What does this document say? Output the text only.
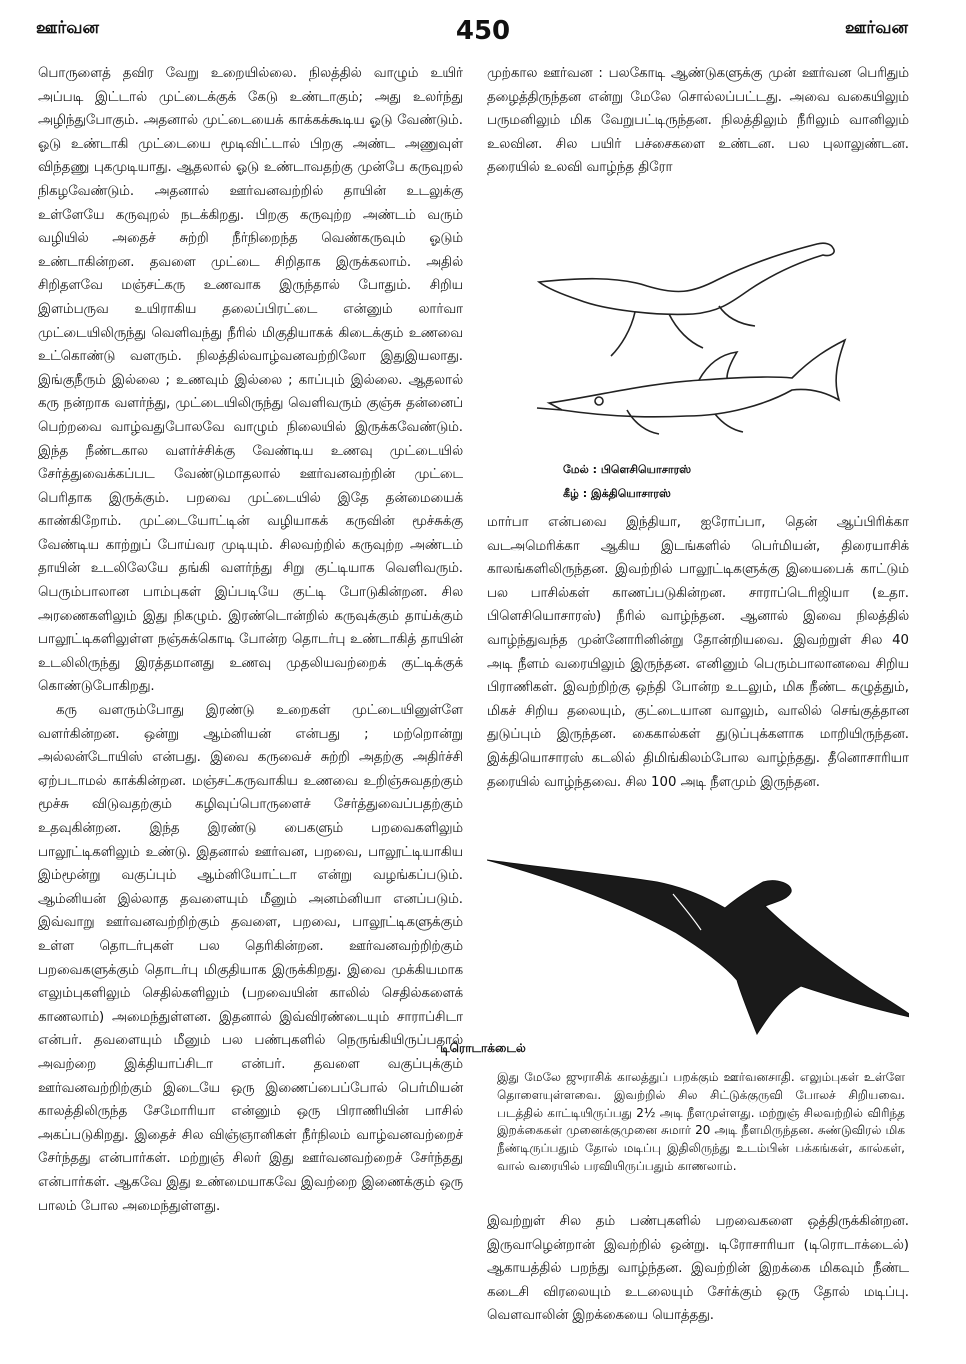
ஊர்வன	450	ஊர்வன

பொருளைத் தவிர வேறு உறையில்லை. நிலத்தில் வாழும் உயிர் அப்படி இட்டால் முட்டைக்குக் கேடு உண்டாகும்; அது உலர்ந்து அழிந்துபோகும். அதனால் முட்டையைக் காக்கக்கூடிய ஓடு வேண்டும். ஓடு உண்டாகி முட்டையை மூடிவிட்டால் பிறகு அண்ட அணுவுள் விந்தணு புகமுடியாது. ஆதலால் ஓடு உண்டாவதற்கு முன்பே கருவுறல் நிகழவேண்டும். அதனால் ஊர்வனவற்றில் தாயின் உடலுக்கு உள்ளேயே கருவுறல் நடக்கிறது. பிறகு கருவுற்ற அண்டம் வரும் வழியில் அதைச் சுற்றி நீர்நிறைந்த வெண்கருவும் ஓடும் உண்டாகின்றன. தவளை முட்டை சிறிதாக இருக்கலாம். அதில் சிறிதளவே மஞ்சட்கரு உணவாக இருந்தால் போதும். சிறிய இளம்பருவ உயிராகிய தலைப்பிரட்டை என்னும் லார்வா முட்டையிலிருந்து வெளிவந்து நீரில் மிகுதியாகக் கிடைக்கும் உணவை உட்கொண்டு வளரும். நிலத்தில்வாழ்வனவற்றிலோ இதுஇயலாது. இங்குநீரும் இல்லை ; உணவும் இல்லை ; காப்பும் இல்லை. ஆதலால் கரு நன்றாக வளர்ந்து, முட்டையிலிருந்து வெளிவரும் குஞ்சு தன்னைப் பெற்றவை வாழ்வதுபோலவே வாழும் நிலையில் இருக்கவேண்டும். இந்த நீண்டகால வளர்ச்சிக்கு வேண்டிய உணவு முட்டையில் சேர்த்துவைக்கப்பட வேண்டுமாதலால் ஊர்வனவற்றின் முட்டை பெரிதாக இருக்கும். பறவை முட்டையில் இதே தன்மையைக் காண்கிறோம். முட்டையோட்டின் வழியாகக் கருவின் மூச்சுக்கு வேண்டிய காற்றுப் போய்வர முடியும். சிலவற்றில் கருவுற்ற அண்டம் தாயின் உடலிலேயே தங்கி வளர்ந்து சிறு குட்டியாக வெளிவரும். பெரும்பாலான பாம்புகள் இப்படியே குட்டி போடுகின்றன. சில அரணைகளிலும் இது நிகழும். இரண்டொன்றில் கருவுக்கும் தாய்க்கும் பாலூட்டிகளிலுள்ள நஞ்சுக்கொடி போன்ற தொடர்பு உண்டாகித் தாயின் உடலிலிருந்து இரத்தமானது உணவு முதலியவற்றைக் குட்டிக்குக் கொண்டுபோகிறது.

கரு வளரும்போது இரண்டு உறைகள் முட்டையினுள்ளே வளர்கின்றன. ஒன்று ஆம்னியன் என்பது ; மற்றொன்று அல்லன்டோயிஸ் என்பது. இவை கருவைச் சுற்றி அதற்கு அதிர்ச்சி ஏற்படாமல் காக்கின்றன. மஞ்சட்கருவாகிய உணவை உறிஞ்சுவதற்கும் மூச்சு விடுவதற்கும் கழிவுப்பொருளைச் சேர்த்துவைப்பதற்கும் உதவுகின்றன. இந்த இரண்டு பைகளும் பறவைகளிலும் பாலூட்டிகளிலும் உண்டு. இதனால் ஊர்வன, பறவை, பாலூட்டியாகிய இம்மூன்று வகுப்பும் ஆம்னியோட்டா என்று வழங்கப்படும். ஆம்னியன் இல்லாத தவளையும் மீனும் அனம்னியா எனப்படும். இவ்வாறு ஊர்வனவற்றிற்கும் தவளை, பறவை, பாலூட்டிகளுக்கும் உள்ள தொடர்புகள் பல தெரிகின்றன. ஊர்வனவற்றிற்கும் பறவைகளுக்கும் தொடர்பு மிகுதியாக இருக்கிறது. இவை முக்கியமாக எலும்புகளிலும் செதில்களிலும் (பறவையின் காலில் செதில்களைக் காணலாம்) அமைந்துள்ளன. இதனால் இவ்விரண்டையும் சாராப்சிடா என்பர். தவளையும் மீனும் பல பண்புகளில் நெருங்கியிருப்பதால் அவற்றை இக்தியாப்சிடா என்பர். தவளை வகுப்புக்கும் ஊர்வனவற்றிற்கும் இடையே ஒரு இணைப்பைப்போல் பெர்மியன் காலத்திலிருந்த சேமோரியா என்னும் ஒரு பிராணியின் பாசில் அகப்படுகிறது. இதைச் சில விஞ்ஞானிகள் நீர்நிலம் வாழ்வனவற்றைச் சேர்ந்தது என்பார்கள். மற்றுஞ் சிலர் இது ஊர்வனவற்றைச் சேர்ந்தது என்பார்கள். ஆகவே இது உண்மையாகவே இவற்றை இணைக்கும் ஒரு பாலம் போல அமைந்துள்ளது.

முற்கால ஊர்வன : பலகோடி ஆண்டுகளுக்கு முன் ஊர்வன பெரிதும் தழைத்திருந்தன என்று மேலே சொல்லப்பட்டது. அவை வகையிலும் பருமனிலும் மிக வேறுபட்டிருந்தன. நிலத்திலும் நீரிலும் வானிலும் உலவின. சில பயிர் பச்சைகளை உண்டன. பல புலாலுண்டன. தரையில் உலவி வாழ்ந்த திரோ

மேல் : பிளெசியொசாரஸ்
கீழ் : இக்தியொசாரஸ்

மார்பா என்பவை இந்தியா, ஐரோப்பா, தென் ஆப்பிரிக்கா வடஅமெரிக்கா ஆகிய இடங்களில் பெர்மியன், திரையாசிக் காலங்களிலிருந்தன. இவற்றில் பாலூட்டிகளுக்கு இயைபைக் காட்டும் பல பாசில்கள் காணப்படுகின்றன. சாராப்டெரிஜியா (உதா. பிளெசியொசாரஸ்) நீரில் வாழ்ந்தன. ஆனால் இவை நிலத்தில் வாழ்ந்துவந்த முன்னோரினின்று தோன்றியவை. இவற்றுள் சில 40 அடி நீளம் வரையிலும் இருந்தன. எனினும் பெரும்பாலானவை சிறிய பிராணிகள். இவற்றிற்கு ஒந்தி போன்ற உடலும், மிக நீண்ட கழுத்தும், மிகச் சிறிய தலையும், குட்டையான வாலும், வாலில் செங்குத்தான துடுப்பும் இருந்தன. கைகால்கள் துடுப்புக்களாக மாறியிருந்தன. இக்தியொசாரஸ் கடலில் திமிங்கிலம்போல வாழ்ந்தது. தீனொசாரியா தரையில் வாழ்ந்தவை. சில 100 அடி நீளமும் இருந்தன.

டிரொடாக்டைல்
இது மேலே ஜுராசிக் காலத்துப் பறக்கும் ஊர்வனசாதி. எலும்புகள் உள்ளே தொளையுள்ளவை. இவற்றில் சில சிட்டுக்குருவி போலச் சிறியவை. படத்தில் காட்டியிருப்பது 2½ அடி நீளமுள்ளது. மற்றுஞ் சிலவற்றில் விரிந்த இறக்கைகள் முனைக்குமுனை சுமார் 20 அடி நீளமிருந்தன. சுண்டுவிரல் மிக நீண்டிருப்பதும் தோல் மடிப்பு இதிலிருந்து உடம்பின் பக்கங்கள், கால்கள், வால் வரையில் பரவியிருப்பதும் காணலாம்.

இவற்றுள் சில தம் பண்புகளில் பறவைகளை ஒத்திருக்கின்றன. இருவாழென்றான் இவற்றில் ஒன்று. டிரோசாரியா (டிரொடாக்டைல்) ஆகாயத்தில் பறந்து வாழ்ந்தன. இவற்றின் இறக்கை மிகவும் நீண்ட கடைசி விரலையும் உடலையும் சேர்க்கும் ஒரு தோல் மடிப்பு. வெளவாலின் இறக்கையை யொத்தது.
